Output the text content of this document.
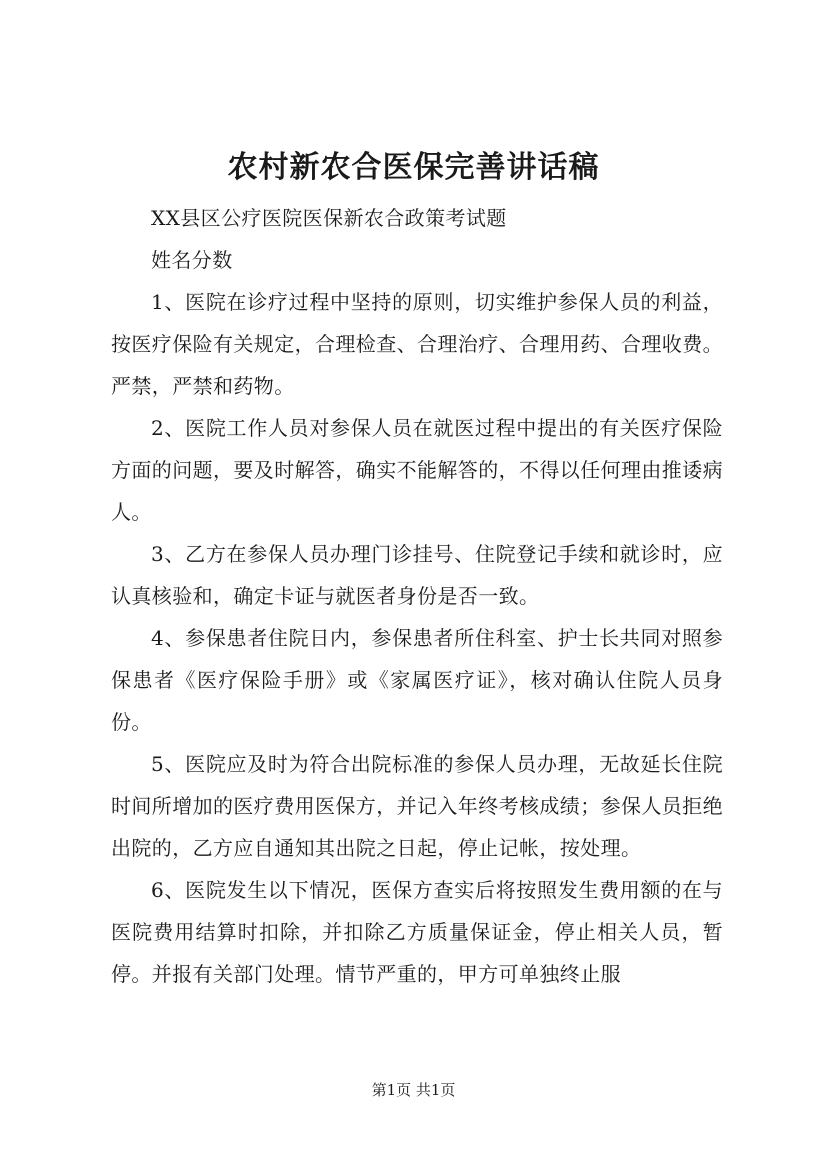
农村新农合医保完善讲话稿

XX县区公疗医院医保新农合政策考试题

姓名分数

1、医院在诊疗过程中坚持的原则，切实维护参保人员的利益，按医疗保险有关规定，合理检查、合理治疗、合理用药、合理收费。严禁，严禁和药物。

2、医院工作人员对参保人员在就医过程中提出的有关医疗保险方面的问题，要及时解答，确实不能解答的，不得以任何理由推诿病人。

3、乙方在参保人员办理门诊挂号、住院登记手续和就诊时，应认真核验和，确定卡证与就医者身份是否一致。

4、参保患者住院日内，参保患者所住科室、护士长共同对照参保患者《医疗保险手册》或《家属医疗证》，核对确认住院人员身份。

5、医院应及时为符合出院标准的参保人员办理，无故延长住院时间所增加的医疗费用医保方，并记入年终考核成绩；参保人员拒绝出院的，乙方应自通知其出院之日起，停止记帐，按处理。

6、医院发生以下情况，医保方查实后将按照发生费用额的在与医院费用结算时扣除，并扣除乙方质量保证金，停止相关人员，暂停。并报有关部门处理。情节严重的，甲方可单独终止服

第1页 共1页
